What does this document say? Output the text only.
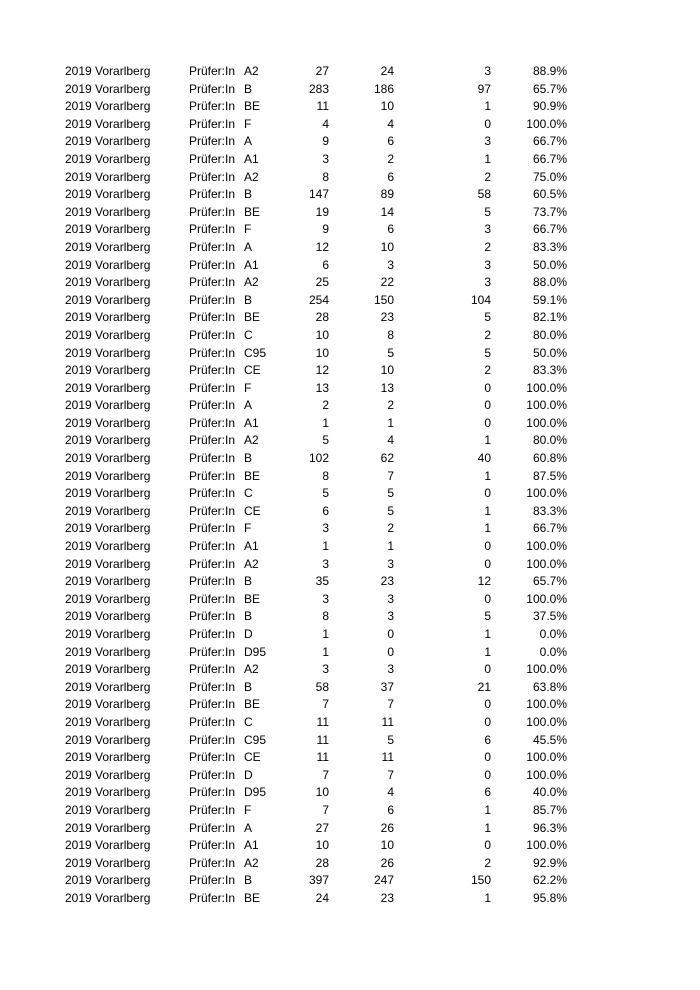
2019 Vorarlberg	Prüfer:In A2	27	24	3	88.9%
2019 Vorarlberg	Prüfer:In B	283	186	97	65.7%
2019 Vorarlberg	Prüfer:In BE	11	10	1	90.9%
2019 Vorarlberg	Prüfer:In F	4	4	0	100.0%
2019 Vorarlberg	Prüfer:In A	9	6	3	66.7%
2019 Vorarlberg	Prüfer:In A1	3	2	1	66.7%
2019 Vorarlberg	Prüfer:In A2	8	6	2	75.0%
2019 Vorarlberg	Prüfer:In B	147	89	58	60.5%
2019 Vorarlberg	Prüfer:In BE	19	14	5	73.7%
2019 Vorarlberg	Prüfer:In F	9	6	3	66.7%
2019 Vorarlberg	Prüfer:In A	12	10	2	83.3%
2019 Vorarlberg	Prüfer:In A1	6	3	3	50.0%
2019 Vorarlberg	Prüfer:In A2	25	22	3	88.0%
2019 Vorarlberg	Prüfer:In B	254	150	104	59.1%
2019 Vorarlberg	Prüfer:In BE	28	23	5	82.1%
2019 Vorarlberg	Prüfer:In C	10	8	2	80.0%
2019 Vorarlberg	Prüfer:In C95	10	5	5	50.0%
2019 Vorarlberg	Prüfer:In CE	12	10	2	83.3%
2019 Vorarlberg	Prüfer:In F	13	13	0	100.0%
2019 Vorarlberg	Prüfer:In A	2	2	0	100.0%
2019 Vorarlberg	Prüfer:In A1	1	1	0	100.0%
2019 Vorarlberg	Prüfer:In A2	5	4	1	80.0%
2019 Vorarlberg	Prüfer:In B	102	62	40	60.8%
2019 Vorarlberg	Prüfer:In BE	8	7	1	87.5%
2019 Vorarlberg	Prüfer:In C	5	5	0	100.0%
2019 Vorarlberg	Prüfer:In CE	6	5	1	83.3%
2019 Vorarlberg	Prüfer:In F	3	2	1	66.7%
2019 Vorarlberg	Prüfer:In A1	1	1	0	100.0%
2019 Vorarlberg	Prüfer:In A2	3	3	0	100.0%
2019 Vorarlberg	Prüfer:In B	35	23	12	65.7%
2019 Vorarlberg	Prüfer:In BE	3	3	0	100.0%
2019 Vorarlberg	Prüfer:In B	8	3	5	37.5%
2019 Vorarlberg	Prüfer:In D	1	0	1	0.0%
2019 Vorarlberg	Prüfer:In D95	1	0	1	0.0%
2019 Vorarlberg	Prüfer:In A2	3	3	0	100.0%
2019 Vorarlberg	Prüfer:In B	58	37	21	63.8%
2019 Vorarlberg	Prüfer:In BE	7	7	0	100.0%
2019 Vorarlberg	Prüfer:In C	11	11	0	100.0%
2019 Vorarlberg	Prüfer:In C95	11	5	6	45.5%
2019 Vorarlberg	Prüfer:In CE	11	11	0	100.0%
2019 Vorarlberg	Prüfer:In D	7	7	0	100.0%
2019 Vorarlberg	Prüfer:In D95	10	4	6	40.0%
2019 Vorarlberg	Prüfer:In F	7	6	1	85.7%
2019 Vorarlberg	Prüfer:In A	27	26	1	96.3%
2019 Vorarlberg	Prüfer:In A1	10	10	0	100.0%
2019 Vorarlberg	Prüfer:In A2	28	26	2	92.9%
2019 Vorarlberg	Prüfer:In B	397	247	150	62.2%
2019 Vorarlberg	Prüfer:In BE	24	23	1	95.8%
